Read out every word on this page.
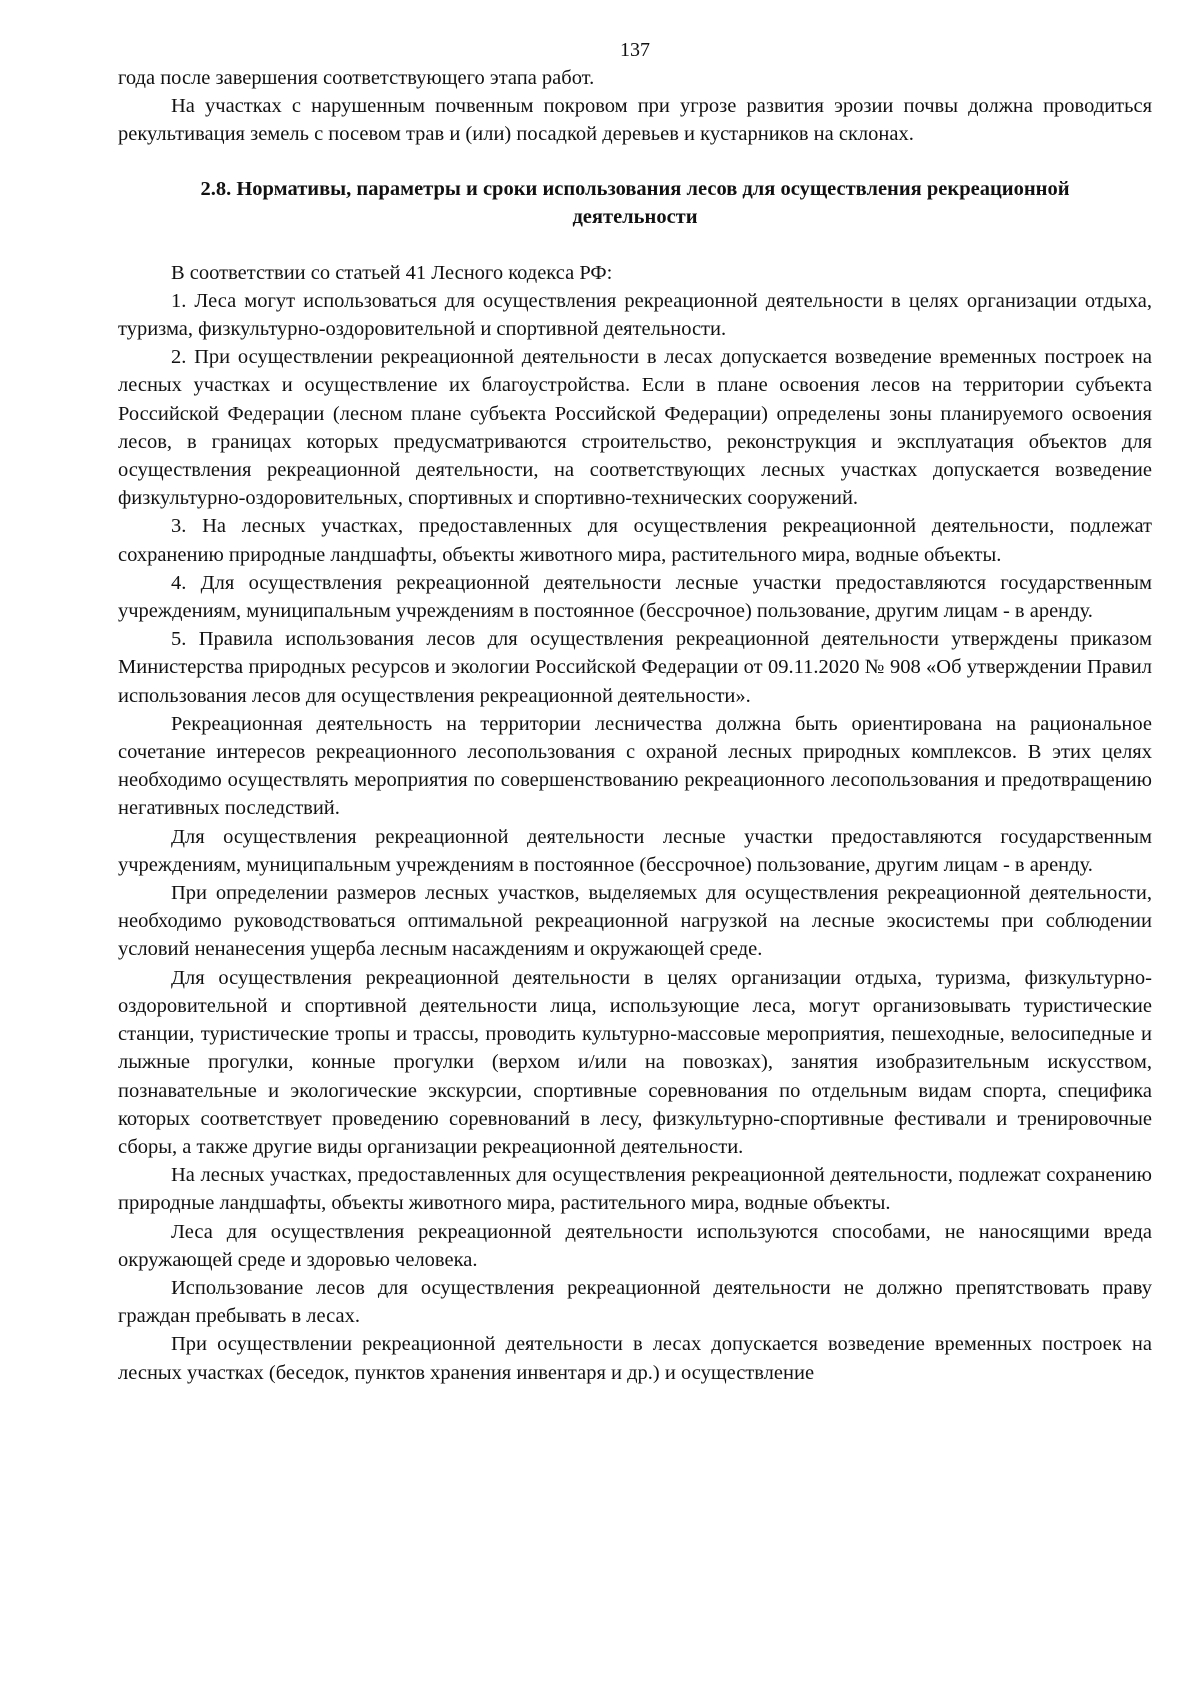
137

года после завершения соответствующего этапа работ.

На участках с нарушенным почвенным покровом при угрозе развития эрозии почвы должна проводиться рекультивация земель с посевом трав и (или) посадкой деревьев и кустарников на склонах.

2.8. Нормативы, параметры и сроки использования лесов для осуществления рекреационной деятельности

В соответствии со статьей 41 Лесного кодекса РФ:

1. Леса могут использоваться для осуществления рекреационной деятельности в целях организации отдыха, туризма, физкультурно-оздоровительной и спортивной деятельности.

2. При осуществлении рекреационной деятельности в лесах допускается возведение временных построек на лесных участках и осуществление их благоустройства. Если в плане освоения лесов на территории субъекта Российской Федерации (лесном плане субъекта Российской Федерации) определены зоны планируемого освоения лесов, в границах которых предусматриваются строительство, реконструкция и эксплуатация объектов для осуществления рекреационной деятельности, на соответствующих лесных участках допускается возведение физкультурно-оздоровительных, спортивных и спортивно-технических сооружений.

3. На лесных участках, предоставленных для осуществления рекреационной деятельности, подлежат сохранению природные ландшафты, объекты животного мира, растительного мира, водные объекты.

4. Для осуществления рекреационной деятельности лесные участки предоставляются государственным учреждениям, муниципальным учреждениям в постоянное (бессрочное) пользование, другим лицам - в аренду.

5. Правила использования лесов для осуществления рекреационной деятельности утверждены приказом Министерства природных ресурсов и экологии Российской Федерации от 09.11.2020 № 908 «Об утверждении Правил использования лесов для осуществления рекреационной деятельности».

Рекреационная деятельность на территории лесничества должна быть ориентирована на рациональное сочетание интересов рекреационного лесопользования с охраной лесных природных комплексов. В этих целях необходимо осуществлять мероприятия по совершенствованию рекреационного лесопользования и предотвращению негативных последствий.

Для осуществления рекреационной деятельности лесные участки предоставляются государственным учреждениям, муниципальным учреждениям в постоянное (бессрочное) пользование, другим лицам - в аренду.

При определении размеров лесных участков, выделяемых для осуществления рекреационной деятельности, необходимо руководствоваться оптимальной рекреационной нагрузкой на лесные экосистемы при соблюдении условий ненанесения ущерба лесным насаждениям и окружающей среде.

Для осуществления рекреационной деятельности в целях организации отдыха, туризма, физкультурно-оздоровительной и спортивной деятельности лица, использующие леса, могут организовывать туристические станции, туристические тропы и трассы, проводить культурно-массовые мероприятия, пешеходные, велосипедные и лыжные прогулки, конные прогулки (верхом и/или на повозках), занятия изобразительным искусством, познавательные и экологические экскурсии, спортивные соревнования по отдельным видам спорта, специфика которых соответствует проведению соревнований в лесу, физкультурно-спортивные фестивали и тренировочные сборы, а также другие виды организации рекреационной деятельности.

На лесных участках, предоставленных для осуществления рекреационной деятельности, подлежат сохранению природные ландшафты, объекты животного мира, растительного мира, водные объекты.

Леса для осуществления рекреационной деятельности используются способами, не наносящими вреда окружающей среде и здоровью человека.

Использование лесов для осуществления рекреационной деятельности не должно препятствовать праву граждан пребывать в лесах.

При осуществлении рекреационной деятельности в лесах допускается возведение временных построек на лесных участках (беседок, пунктов хранения инвентаря и др.) и осуществление
